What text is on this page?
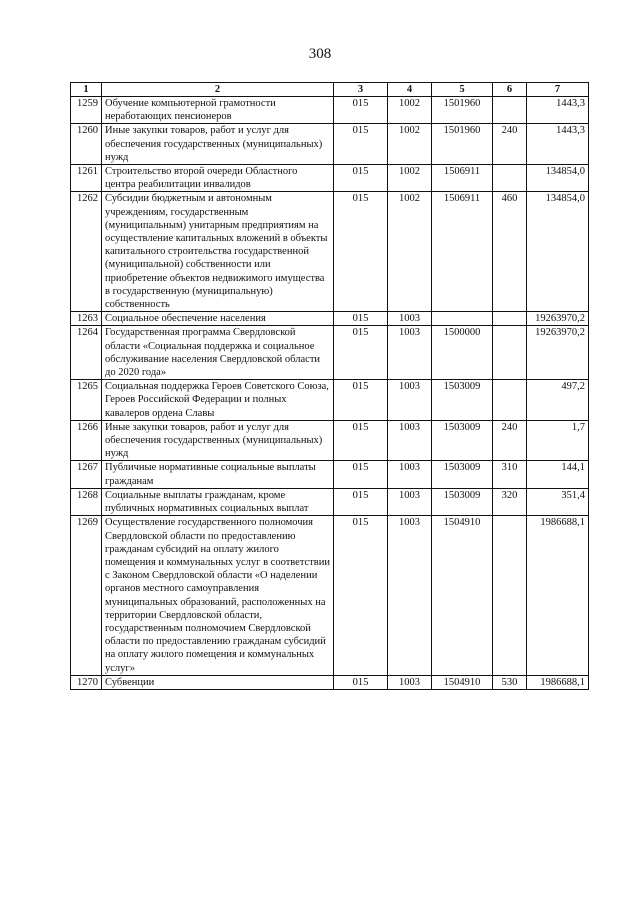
308
1	2	3	4	5	6	7
1259	Обучение компьютерной грамотности неработающих пенсионеров	015	1002	1501960		1443,3
1260	Иные закупки товаров, работ и услуг для обеспечения государственных (муниципальных) нужд	015	1002	1501960	240	1443,3
1261	Строительство второй очереди Областного центра реабилитации инвалидов	015	1002	1506911		134854,0
1262	Субсидии бюджетным и автономным учреждениям, государственным (муниципальным) унитарным предприятиям на осуществление капитальных вложений в объекты капитального строительства государственной (муниципальной) собственности или приобретение объектов недвижимого имущества в государственную (муниципальную) собственность	015	1002	1506911	460	134854,0
1263	Социальное обеспечение населения	015	1003			19263970,2
1264	Государственная программа Свердловской области «Социальная поддержка и социальное обслуживание населения Свердловской области до 2020 года»	015	1003	1500000		19263970,2
1265	Социальная поддержка Героев Советского Союза, Героев Российской Федерации и полных кавалеров ордена Славы	015	1003	1503009		497,2
1266	Иные закупки товаров, работ и услуг для обеспечения государственных (муниципальных) нужд	015	1003	1503009	240	1,7
1267	Публичные нормативные социальные выплаты гражданам	015	1003	1503009	310	144,1
1268	Социальные выплаты гражданам, кроме публичных нормативных социальных выплат	015	1003	1503009	320	351,4
1269	Осуществление государственного полномочия Свердловской области по предоставлению гражданам субсидий на оплату жилого помещения и коммунальных услуг в соответствии с Законом Свердловской области «О наделении органов местного самоуправления муниципальных образований, расположенных на территории Свердловской области, государственным полномочием Свердловской области по предоставлению гражданам субсидий на оплату жилого помещения и коммунальных услуг»	015	1003	1504910		1986688,1
1270	Субвенции	015	1003	1504910	530	1986688,1
